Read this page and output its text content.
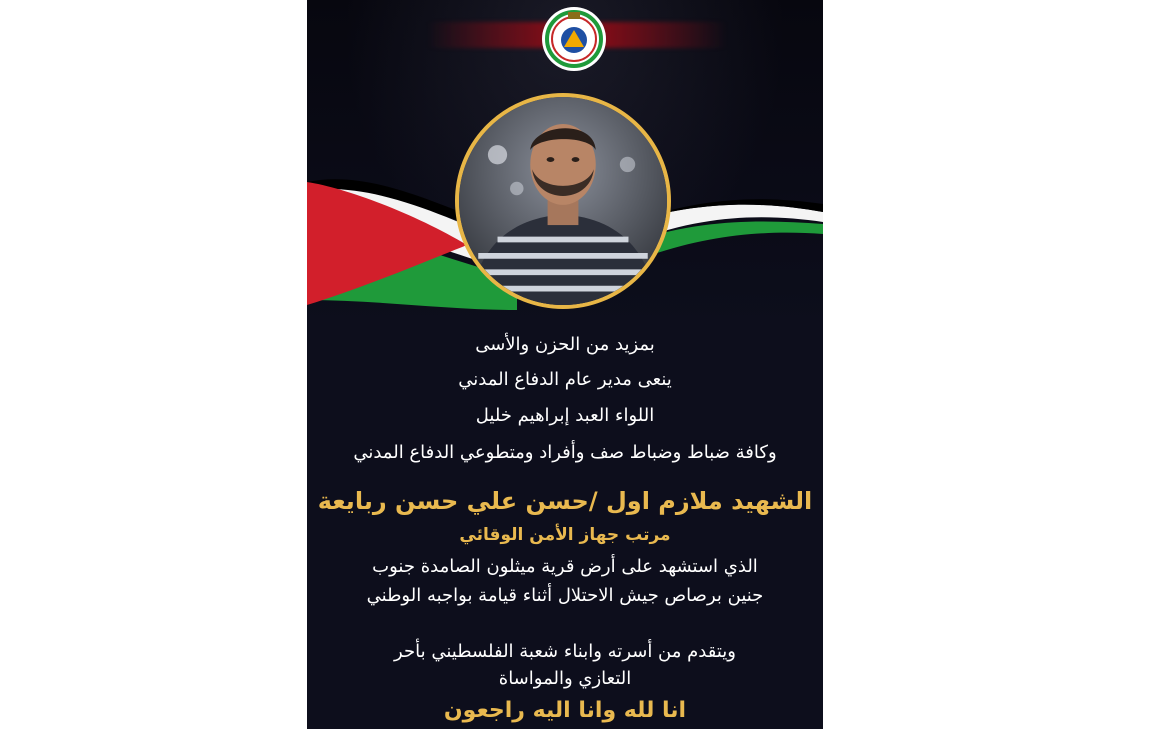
بمزيد من الحزن والأسى
ينعى مدير عام الدفاع المدني
اللواء العبد إبراهيم خليل
وكافة ضباط وضباط صف وأفراد ومتطوعي الدفاع المدني
الشهيد ملازم اول /حسن علي حسن ربايعة
مرتب جهاز الأمن الوقائي
الذي استشهد على أرض قرية ميثلون الصامدة جنوب
جنين برصاص جيش الاحتلال أثناء قيامة بواجبه الوطني
ويتقدم من أسرته وابناء شعبة الفلسطيني بأحر
التعازي والمواساة
انا لله وانا اليه راجعون
